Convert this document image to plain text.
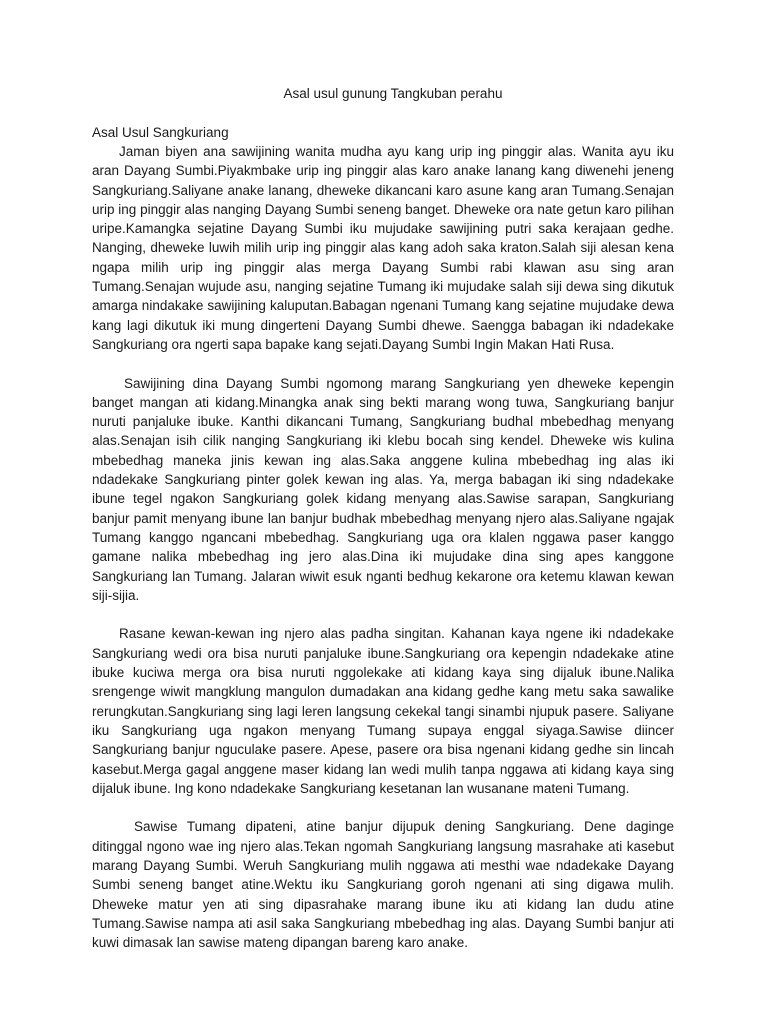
Asal usul gunung Tangkuban perahu
Asal Usul Sangkuriang

Jaman biyen ana sawijining wanita mudha ayu kang urip ing pinggir alas. Wanita ayu iku aran Dayang Sumbi.Piyakmbake urip ing pinggir alas karo anake lanang kang diwenehi jeneng Sangkuriang.Saliyane anake lanang, dheweke dikancani karo asune kang aran Tumang.Senajan urip ing pinggir alas nanging Dayang Sumbi seneng banget. Dheweke ora nate getun karo pilihan uripe.Kamangka sejatine Dayang Sumbi iku mujudake sawijining putri saka kerajaan gedhe. Nanging, dheweke luwih milih urip ing pinggir alas kang adoh saka kraton.Salah siji alesan kena ngapa milih urip ing pinggir alas merga Dayang Sumbi rabi klawan asu sing aran Tumang.Senajan wujude asu, nanging sejatine Tumang iki mujudake salah siji dewa sing dikutuk amarga nindakake sawijining kaluputan.Babagan ngenani Tumang kang sejatine mujudake dewa kang lagi dikutuk iki mung dingerteni Dayang Sumbi dhewe. Saengga babagan iki ndadekake Sangkuriang ora ngerti sapa bapake kang sejati.Dayang Sumbi Ingin Makan Hati Rusa.

Sawijining dina Dayang Sumbi ngomong marang Sangkuriang yen dheweke kepengin banget mangan ati kidang.Minangka anak sing bekti marang wong tuwa, Sangkuriang banjur nuruti panjaluke ibuke. Kanthi dikancani Tumang, Sangkuriang budhal mbebedhag menyang alas.Senajan isih cilik nanging Sangkuriang iki klebu bocah sing kendel. Dheweke wis kulina mbebedhag maneka jinis kewan ing alas.Saka anggene kulina mbebedhag ing alas iki ndadekake Sangkuriang pinter golek kewan ing alas. Ya, merga babagan iki sing ndadekake ibune tegel ngakon Sangkuriang golek kidang menyang alas.Sawise sarapan, Sangkuriang banjur pamit menyang ibune lan banjur budhak mbebedhag menyang njero alas.Saliyane ngajak Tumang kanggo ngancani mbebedhag. Sangkuriang uga ora klalen nggawa paser kanggo gamane nalika mbebedhag ing jero alas.Dina iki mujudake dina sing apes kanggone Sangkuriang lan Tumang. Jalaran wiwit esuk nganti bedhug kekarone ora ketemu klawan kewan siji-sijia.

Rasane kewan-kewan ing njero alas padha singitan. Kahanan kaya ngene iki ndadekake Sangkuriang wedi ora bisa nuruti panjaluke ibune.Sangkuriang ora kepengin ndadekake atine ibuke kuciwa merga ora bisa nuruti nggolekake ati kidang kaya sing dijaluk ibune.Nalika srengenge wiwit mangklung mangulon dumadakan ana kidang gedhe kang metu saka sawalike rerungkutan.Sangkuriang sing lagi leren langsung cekekal tangi sinambi njupuk pasere. Saliyane iku Sangkuriang uga ngakon menyang Tumang supaya enggal siyaga.Sawise diincer Sangkuriang banjur nguculake pasere. Apese, pasere ora bisa ngenani kidang gedhe sin lincah kasebut.Merga gagal anggene maser kidang lan wedi mulih tanpa nggawa ati kidang kaya sing dijaluk ibune. Ing kono ndadekake Sangkuriang kesetanan lan wusanane mateni Tumang.

Sawise Tumang dipateni, atine banjur dijupuk dening Sangkuriang. Dene daginge ditinggal ngono wae ing njero alas.Tekan ngomah Sangkuriang langsung masrahake ati kasebut marang Dayang Sumbi. Weruh Sangkuriang mulih nggawa ati mesthi wae ndadekake Dayang Sumbi seneng banget atine.Wektu iku Sangkuriang goroh ngenani ati sing digawa mulih. Dheweke matur yen ati sing dipasrahake marang ibune iku ati kidang lan dudu atine Tumang.Sawise nampa ati asil saka Sangkuriang mbebedhag ing alas. Dayang Sumbi banjur ati kuwi dimasak lan sawise mateng dipangan bareng karo anake.
